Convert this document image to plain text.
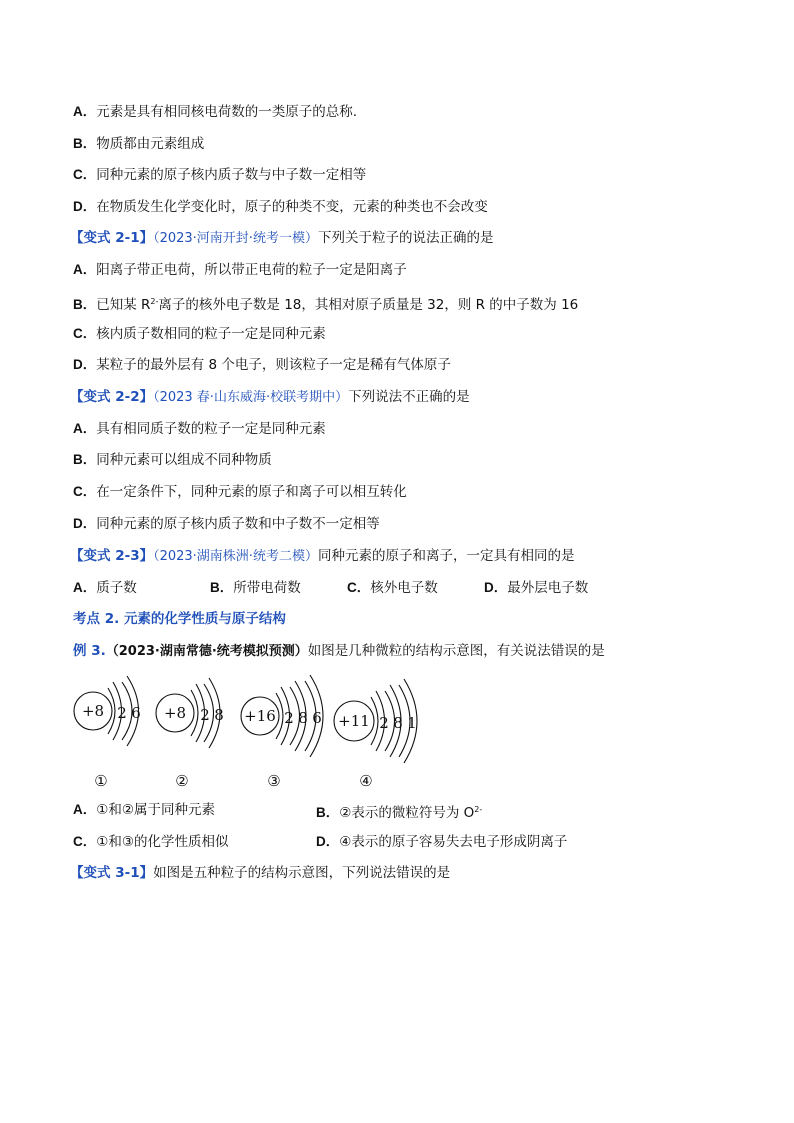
A．元素是具有相同核电荷数的一类原子的总称.
B．物质都由元素组成
C．同种元素的原子核内质子数与中子数一定相等
D．在物质发生化学变化时，原子的种类不变，元素的种类也不会改变
【变式 2-1】（2023·河南开封·统考一模）下列关于粒子的说法正确的是
A．阳离子带正电荷，所以带正电荷的粒子一定是阳离子
B．已知某 $R^{2-}$离子的核外电子数是 18，其相对原子质量是 32，则 R 的中子数为 16
C．核内质子数相同的粒子一定是同种元素
D．某粒子的最外层有 8 个电子，则该粒子一定是稀有气体原子
【变式 2-2】（2023 春·山东威海·校联考期中）下列说法不正确的是
A．具有相同质子数的粒子一定是同种元素
B．同种元素可以组成不同种物质
C．在一定条件下，同种元素的原子和离子可以相互转化
D．同种元素的原子核内质子数和中子数不一定相等
【变式 2-3】（2023·湖南株洲·统考二模）同种元素的原子和离子，一定具有相同的是
A．质子数	B．所带电荷数	C．核外电子数	D．最外层电子数
考点 2. 元素的化学性质与原子结构
例 3.（2023·湖南常德·统考模拟预测）如图是几种微粒的结构示意图，有关说法错误的是
+8 2 6 +8 2 8 +16 2 8 6 +11 2 8 1
①	②	③	④
A．①和②属于同种元素	B．②表示的微粒符号为 $O^{2-}$
C．①和③的化学性质相似	D．④表示的原子容易失去电子形成阴离子
【变式 3-1】如图是五种粒子的结构示意图，下列说法错误的是
